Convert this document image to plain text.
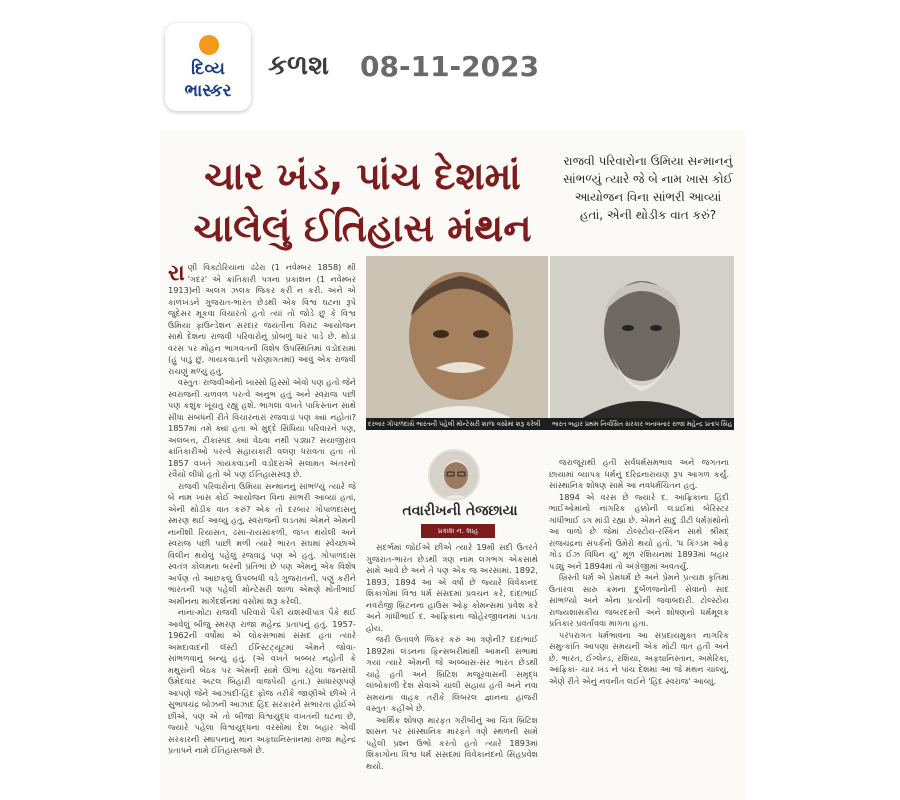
દિવ્ય
ભાસ્કર
કળશ 08-11-2023
ચાર ખંડ, પાંચ દેશમાં
ચાલેલું ઈતિહાસ મંથન
રાજવી પરિવારોના ઉમિયા સન્માનનું સાંભળ્યું ત્યારે જે બે નામ ખાસ કોઈ આયોજન વિના સાંભરી આવ્યાં હતાં, એની થોડીક વાત કરું?
રા ણી વિક્ટોરિયાના ઢંઢેરા (1 નવેમ્બર 1858) થી 'ગદર' એ ક્રાંતિકારી પત્રના પ્રકાશન (1 નવેમ્બર 1913)ની અલગ ઝલક જિકર કરી ન કરી. અને એ કાળખંડને ગુજરાત-ભારત છેડથી એક વિશ્વ ઘટના રૂપે જુદેસર મૂકવા વિચારતો હતો ત્યાં તો જોડે છું કે વિશ્વ ઉમિયા ફાઉન્ડેશન સરદાર જયંતીના વિરાટ આયોજન સાથે દેશના રાજવી પરિવારોનું પ્રોબળું ધાર પાડે છે. થોડાં વરસ પર મોહન ભાગવતની વિશેષ ઉપસ્થિતિમાં વડોદરામાં (હું પાડું છું, ગાયકવાડની પરોણાગતમાં) આવું એક રાજવી રાચણું મળ્યું હતું.

વસ્તુતઃ રાજવીઓનો ખાસ્સો હિસ્સો એવો પણ હતો જેને સ્વરાજની ચળવળ પરત્વે અનુભ હતું અને સ્વરાજ પછી પણ કશુંક ખૂંચતું રહ્યું હશે. ભાગલા વખતે પાકિસ્તાન સાથે સીધા સંબંધની રીતે વિચારનારાં રજવાડાં પણ ક્યાં નહોતાં? 1857માં તમે ક્યાં હતા એ મુદ્દે સિંધિયા પરિવારને પણ, અલબત્ત, ટીકાસ્પદ ક્યાં વેઠવા નથી પડ્યા? સયાજીરાવ ક્રાંતિકારીઓ પરત્વે સહાયકારી વલણ ધરાવતા હતા તો 1857 વખતે ગાયકવાડની વડોદરાએ સલામત અંતરનો રવૈયો લીધો હતો એ પણ ઈતિહાસસ્વરૂ છે.

રાજવી પરિવારોના ઉમિયા સન્માનનું સાંભળ્યું ત્યારે જે બે નામ ખાસ કોઈ આયોજન વિના સાંભરી આવ્યાં હતાં, એની થોડીક વાત કરું? એક તો દરબાર ગોપાળદાસનું સ્મરણ થઈ આવ્યું હતું, સ્વરાજની લડતમાં એમને એમની નાનીશી રિયાસત, ઢસા-રાયસાંકળી, જપ્ત થયેલી અને સ્વરાજ પછી પાછી મળી ત્યારે ભારત સંઘમાં સ્વેચ્છાએ વિલીન થયેલું પહેલું રજવાડું પણ એ હતું. ગોપાળદાસ સ્વતંત્ર કોલમના બરની પ્રતિભા છે પણ એમનું એક વિશેષ અર્પણ તો આછકલું ઉપલ્બધી વડે ગુજરાતની, પણું કરીને ભારતની પણ પહેલી મોન્ટેસરી શાળા એમણે મોતીભાઈ અમીનના માર્ગદર્શનમાં વસોમાં શરૂ કરેલી.

નાના-મોટા રાજવી પરિવારો પૈકી યશસ્વીપાત્ર પૈકે થઈ આવેલું બીજું સ્મરણ રાજા મહેન્દ્ર પ્રતાપનું હતું. 1957-1962ની વર્ષોમાં એ લોકસભામાં સંસદ હતા ત્યારે અમદાવાદની લૅસ્ટી ઈન્સ્ટિટ્યૂટમાં એમને જોવા-સાંભળવાનું બન્યું હતું. (એ વખતે બબ્બર નહોતી કે મથુરાની બેઠક પર એમની સામે ઊભા રહેલા જનસંઘી ઉમેદવાર અટલ બિહારી વાજપેયી હતા.) સાધારણપણે આપણે જેને આઝાદી-હિંદ ફોજ તરીકે જાણીએ છીએ તે સુભાષચંદ્ર બોઝની આઝાદ હિંદ સરકારને સંભારતા હોઈએ છીએ, પણ એ તો બીજા વિશ્વયુદ્ધ વખતની ઘટના છે, જ્યારે પહેલા વિશ્વયુદ્ધના વરસોમાં દેશ બહાર એવી સરકારની સ્થાપનાનું માન અફઘાનિસ્તાનમાં રાજા મહેન્દ્ર પ્રતાપને નામે ઈતિહાસજમે છે.

દરબાર ગોપાળદાસે ભારતની પહેલી મોન્ટેસરી શાળા વસોમાં શરૂ કરેલી	ભારત બહાર પ્રથમ નિર્વાસિત સરકાર બનાવનાર રાજા મહેન્દ્ર પ્રતાપ સિંહ
તવારીખની તેજછાયા
પ્રકાશ ન. શાહ

સંદર્ભમાં જોઈએ છીએ ત્યારે 19મી સદી ઉતરતે ગુજરાત-ભારત છેડથી ત્રણ નામ લગભગ એકસાથે સામે આવે છે અને તે પણ એક જ અરસામાં. 1892, 1893, 1894 આ એ વર્ષો છે જ્યારે વિવેકાનંદ શિકાગોમાં વિશ્વ ધર્મ સંસદમાં પ્રવચન કરે, દાદાભાઈ નવરોજી બ્રિટનના હાઉસ ઓફ કોમન્સમાં પ્રવેશ કરે અને ગાંધીભાઈ દ. આફ્રિકાના જોહેરજીવનમાં પડતા હોય.

જરી ઉતાવળે જિકર કરું આ ત્રણેની? દાદાભાઈ 1892માં લંડનના ફિન્સબરીમાંથી આમની સભામાં ગયા ત્યારે એમની જે અબ્બાસ-સંર ભારત છેડથી ચાહે હતી અને બ્રિટિશ મજૂરવાસની સમૃદ્ધ લાંબોકાળી દેશ સેવાએ ચાલી સહાય હતી અને નવા સમયના વાહક તરીકે લિબરલ જ્ઞાનના હાજરી વસ્તુતઃ કહીએ છે.

આર્થિક શોષણ મારફત ગરીબીનું આ ચિત્ર બ્રિટિશ શાસન પર સાંસ્થાનિક મારફતે ત્રણે સ્થળની સામે પહેલી પ્રશ્ન ઉભો કરતો હતો ત્યારે 1893માં શિકાગોના વિશ્વ ધર્મ સંસદમાં વિવેકાનંદનો સિંહપ્રવેશ થયો.

જરાજૂરાથી હતી સર્વધર્મસમભાવ અને જગતના છાયામાં વ્યાપક ધર્મનું દરિદ્રનારાયણ રૂપ આગળ કર્યું. સાંસ્થાનિક શોષણ સામે આ નવધર્મચિંતન હતું.

1894 એ વરસ છે જ્યારે દ. આફ્રિકાના હિંદી ભાઈઓમાંનો નાગરિક હક્કોની લડાઈમાં બેરિસ્ટર ગાંધીભાઈ ડગ માંડી રહ્યા છે. એમને સાદું ડીટી ધર્મગ્રંથોનો આ વાળો છે જેમાં ટોલ્સ્ટોય-રસ્કિન સાથે શ્રીમદ્ રાજચંદ્રના સંપર્કનો ઉમેરો થયો હતો. 'ધ કિંગ્ડમ ઓફ ગોડ ઈઝ વિધિન યુ' મૂળ રશિયનમાં 1893માં બહાર પડ્યું અને 1894માં તો અંગ્રેજીમાં અવતર્યું.

ખ્રિસ્તી ધર્મ એ પ્રેમધર્મ છે અને પ્રેમને પ્રત્યક્ષ કૃતિમાં ઉતારવા સારુ ક્રમના દુર્બળજનોની સેવાનો સાદ સાંભળ્યો અને એના પ્રત્યેની જવાબદારી. ટોલ્સ્ટોય રાજ્યશાસકીય જબરદસ્તી અને શોષણનો ધર્મમૂલક પ્રતિકાર પ્રવર્તાવવા માગતા હતા.

પરંપરાગત ધર્મભાવના આ સંપ્રદાયમુક્ત નાગરિક સમુત્કાંતિ આપણા સમયની એક મોટી વાત હતી અને છે. ભારત, ઈંગ્લેન્ડ, રશિયા, અફઘાનિસ્તાન, અમેરિકા, આફ્રિકા- ચાર ખંડ ને પાંચ દેશમાં આ જે મંથન ચાલ્યું, એણે રીતે એનું નવનીત લઈને 'હિંદ સ્વરાજ' આવ્યું.
